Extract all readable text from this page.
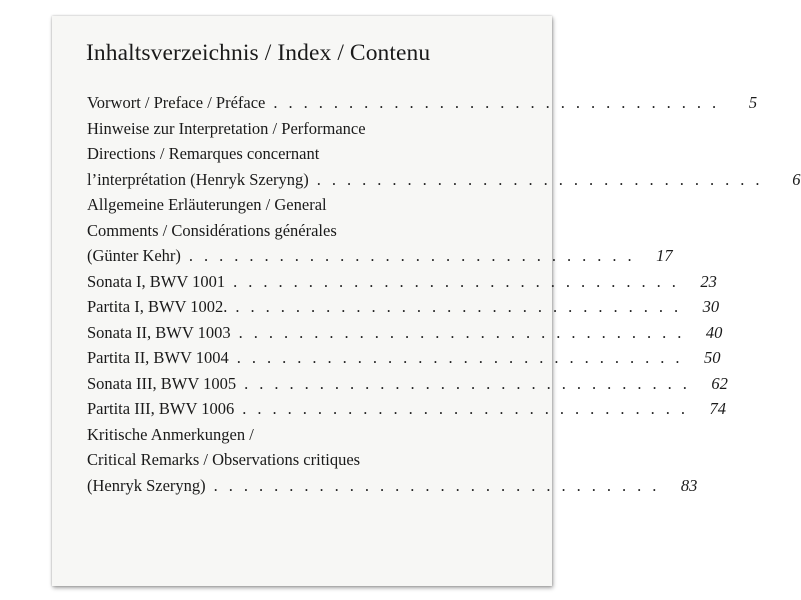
Inhaltsverzeichnis / Index / Contenu
Vorwort / Preface / Préface ..............................	5
Hinweise zur Interpretation / Performance
Directions / Remarques concernant
l’interprétation (Henryk Szeryng) ..............................	6
Allgemeine Erläuterungen / General
Comments / Considérations générales
(Günter Kehr) .............................. 17
Sonata I, BWV 1001 .............................. 23
Partita I, BWV 1002. .............................. 30
Sonata II, BWV 1003 .............................. 40
Partita II, BWV 1004 .............................. 50
Sonata III, BWV 1005 .............................. 62
Partita III, BWV 1006 .............................. 74
Kritische Anmerkungen /
Critical Remarks / Observations critiques
(Henryk Szeryng) .............................. 83
